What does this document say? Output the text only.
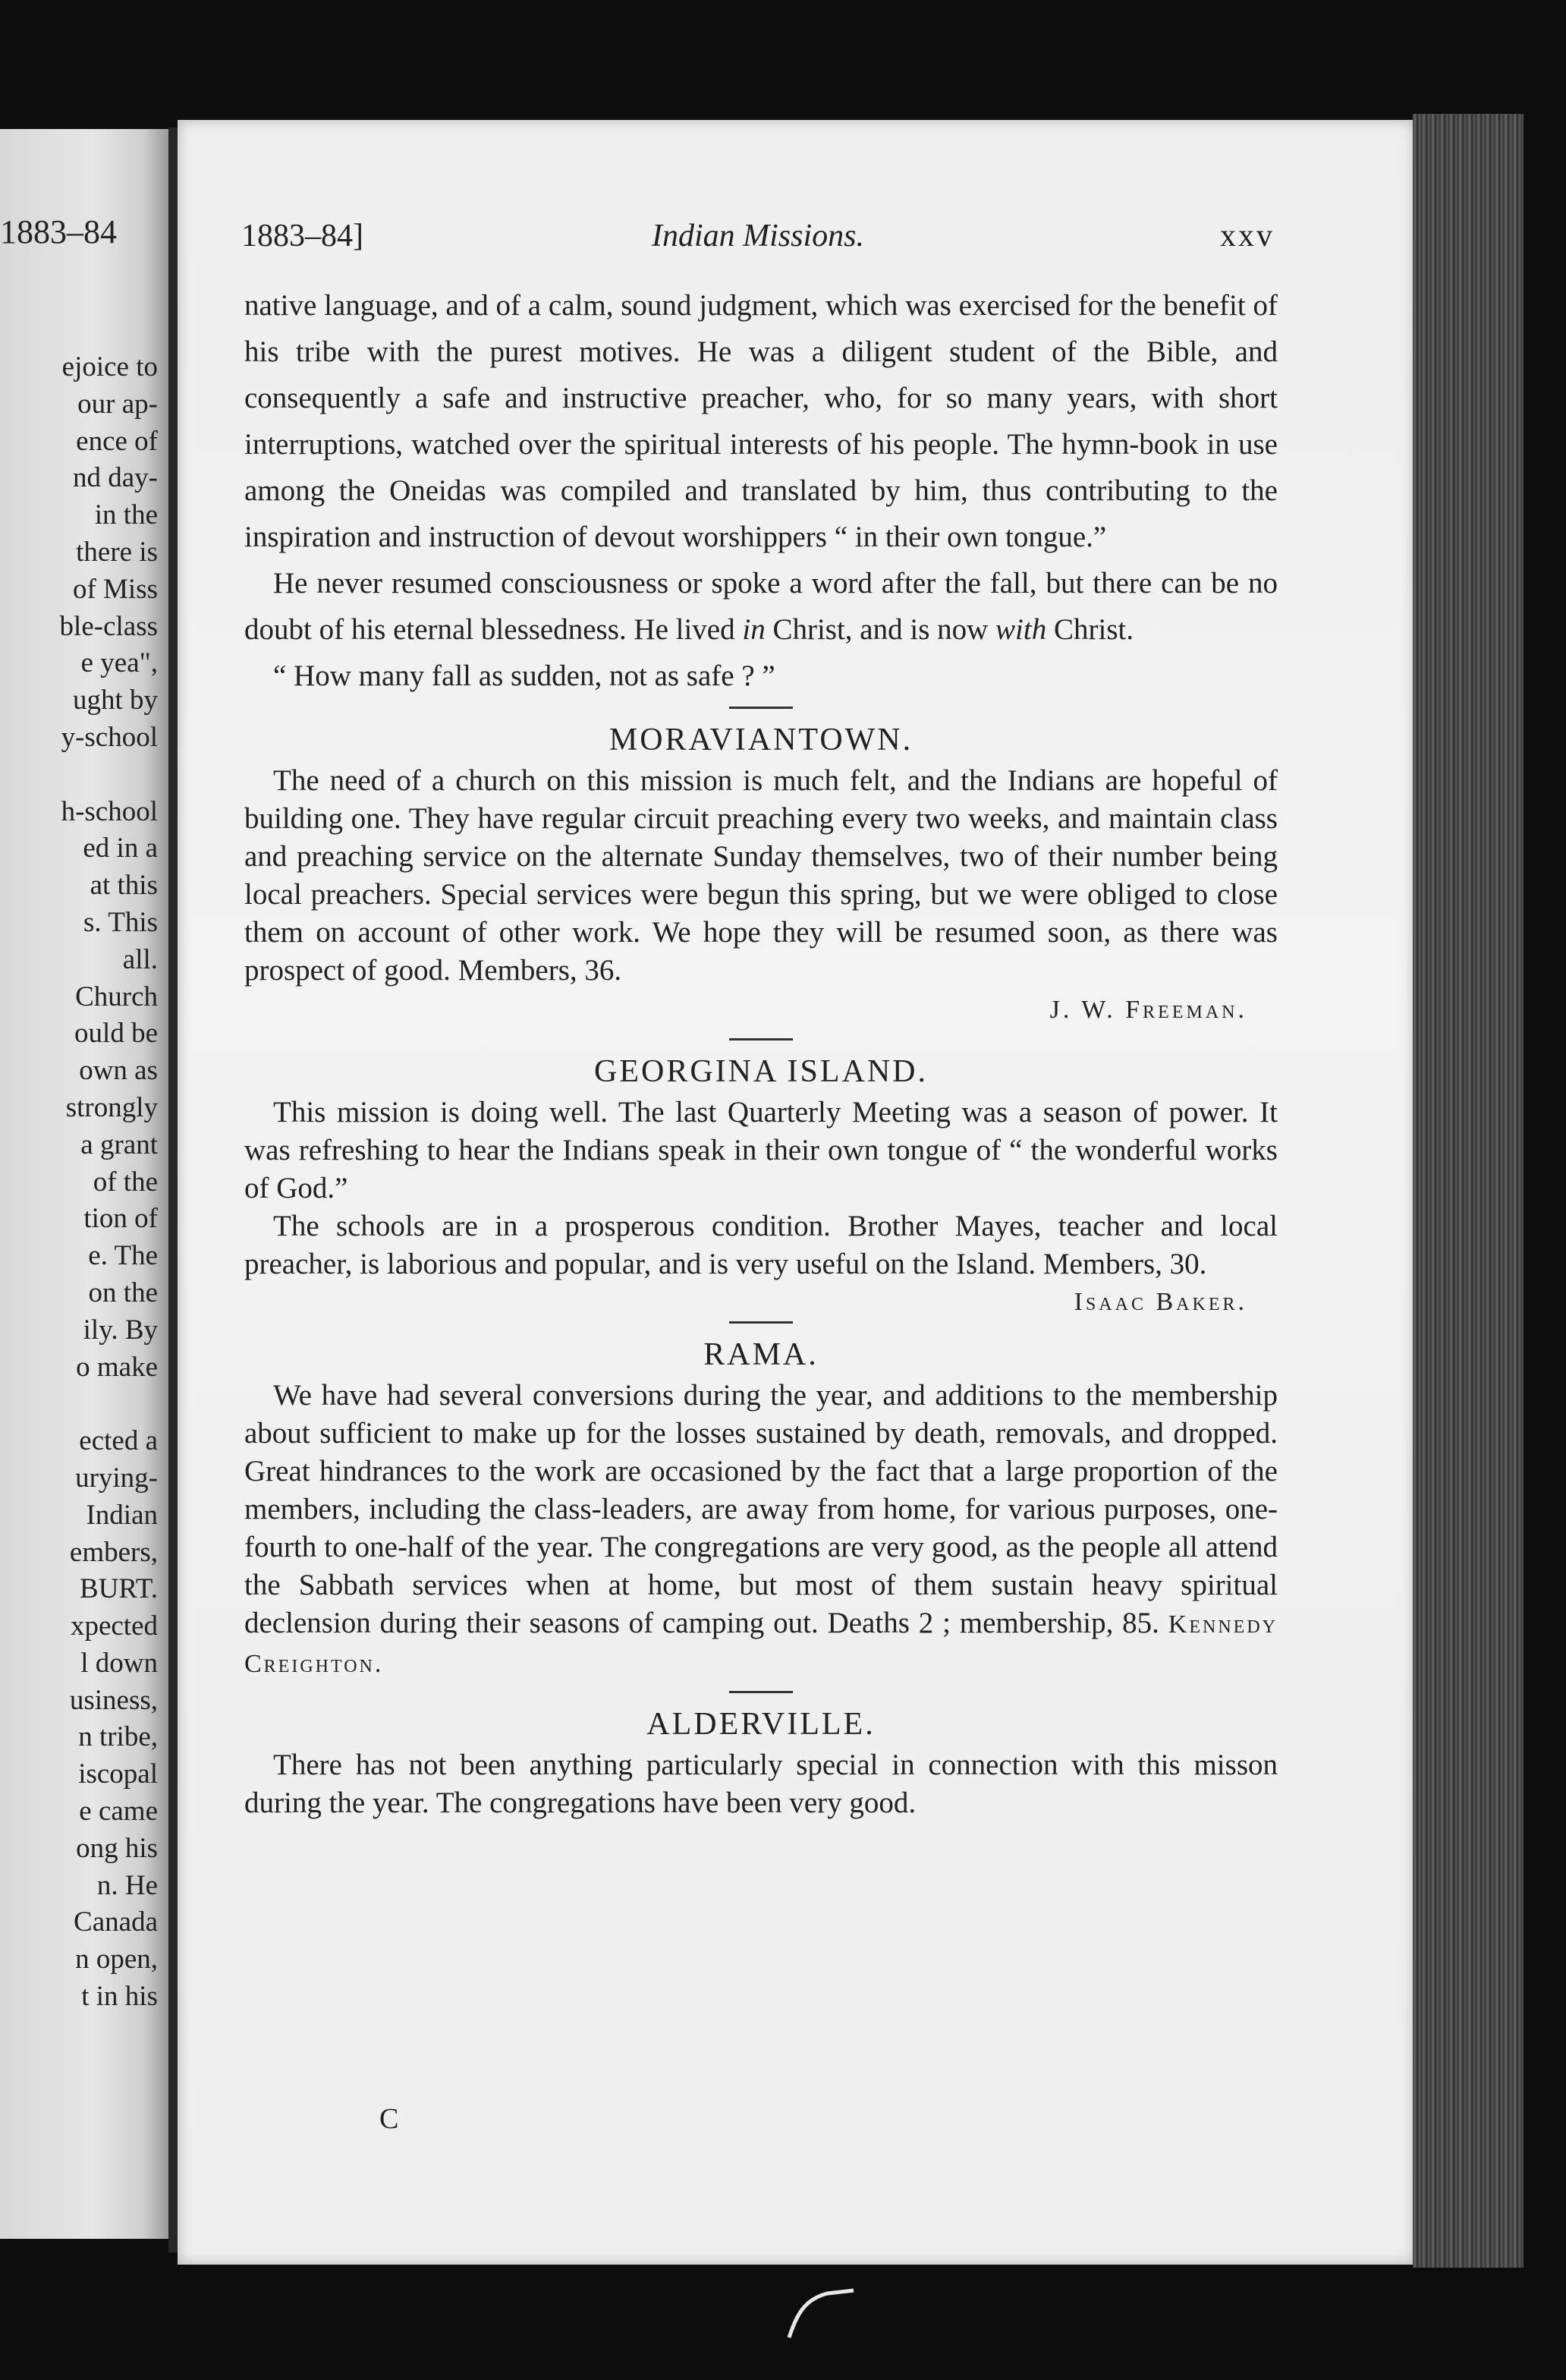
1883–84
ejoice to
our ap-
ence of
nd day-
in the
there is
of Miss
ble-class
e yea",
ught by
y-school

h-school
ed in a
at this
s. This
all.
Church
ould be
own as
strongly
a grant
of the
tion of
e. The
on the
ily. By
o make

ected a
urying-
Indian
embers,
BURT.
xpected
l down
usiness,
n tribe,
iscopal
e came
ong his
n. He
Canada
n open,
t in his
1883–84]	Indian Missions.	xxv

native language, and of a calm, sound judgment, which was exercised for the benefit of his tribe with the purest motives. He was a diligent student of the Bible, and consequently a safe and instructive preacher, who, for so many years, with short interruptions, watched over the spiritual interests of his people. The hymn-book in use among the Oneidas was compiled and translated by him, thus contributing to the inspiration and instruction of devout worshippers “ in their own tongue.”

He never resumed consciousness or spoke a word after the fall, but there can be no doubt of his eternal blessedness. He lived in Christ, and is now with Christ.

“ How many fall as sudden, not as safe ? ”

MORAVIANTOWN.

The need of a church on this mission is much felt, and the Indians are hopeful of building one. They have regular circuit preaching every two weeks, and maintain class and preaching service on the alternate Sunday themselves, two of their number being local preachers. Special services were begun this spring, but we were obliged to close them on account of other work. We hope they will be resumed soon, as there was prospect of good. Members, 36.

J. W. Freeman.
GEORGINA ISLAND.

This mission is doing well. The last Quarterly Meeting was a season of power. It was refreshing to hear the Indians speak in their own tongue of “ the wonderful works of God.”

The schools are in a prosperous condition. Brother Mayes, teacher and local preacher, is laborious and popular, and is very useful on the Island. Members, 30.
Isaac Baker.

RAMA.

We have had several conversions during the year, and additions to the membership about sufficient to make up for the losses sustained by death, removals, and dropped. Great hindrances to the work are occasioned by the fact that a large proportion of the members, including the class-leaders, are away from home, for various purposes, one-fourth to one-half of the year. The congregations are very good, as the people all attend the Sabbath services when at home, but most of them sustain heavy spiritual declension during their seasons of camping out. Deaths 2 ; membership, 85. Kennedy Creighton.

ALDERVILLE.

There has not been anything particularly special in connection with this misson during the year. The congregations have been very good.

C
